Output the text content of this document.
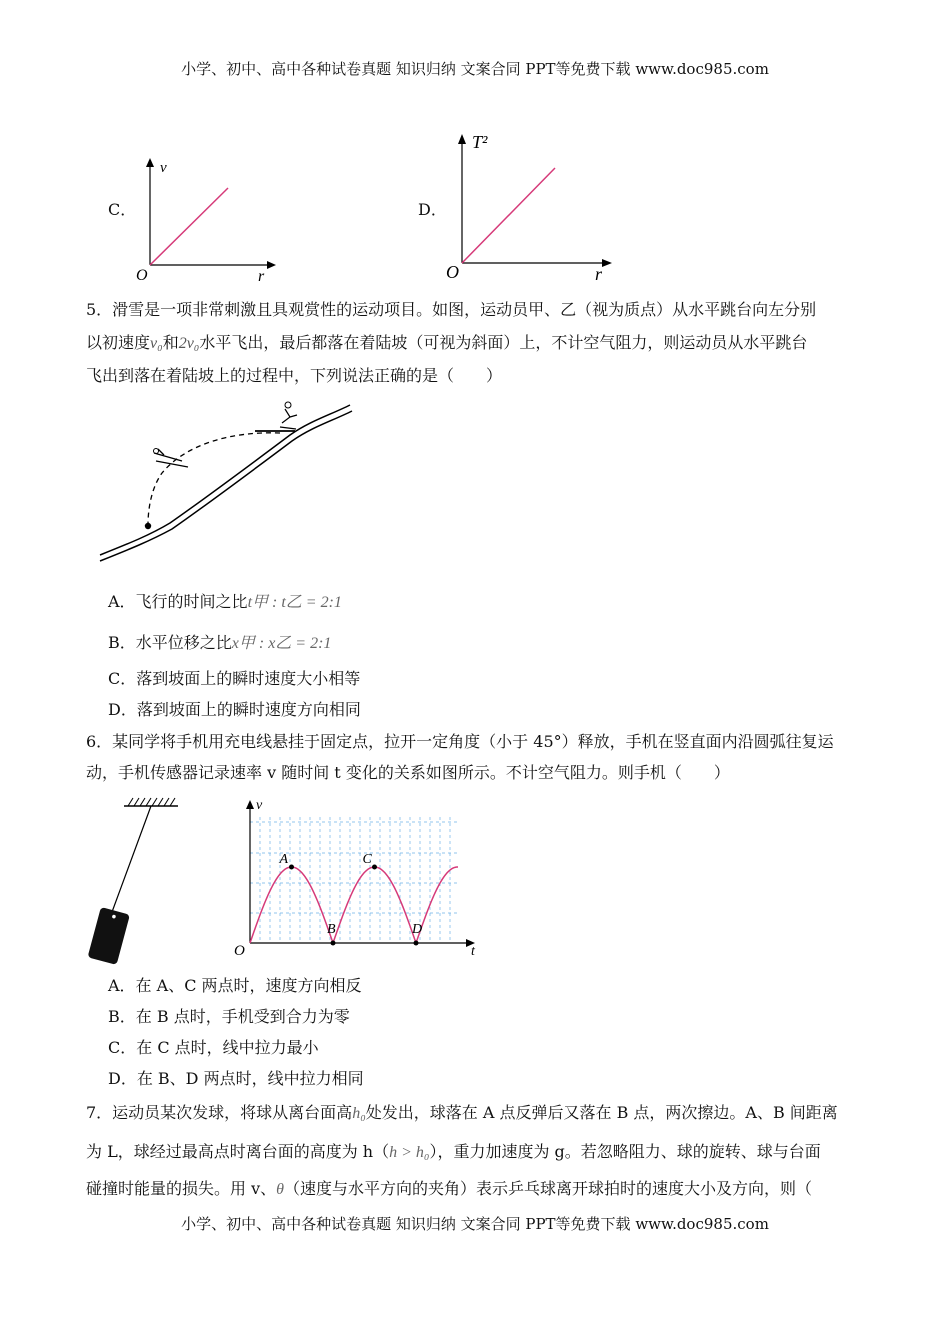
小学、初中、高中各种试卷真题 知识归纳 文案合同 PPT等免费下载 www.doc985.com
C．
v
O	r
D．
T²
O	r
5．滑雪是一项非常刺激且具观赏性的运动项目。如图，运动员甲、乙（视为质点）从水平跳台向左分别
以初速度v₀和2v₀水平飞出，最后都落在着陆坡（可视为斜面）上，不计空气阻力，则运动员从水平跳台
飞出到落在着陆坡上的过程中，下列说法正确的是（　　）
A．飞行的时间之比t甲 : t乙 = 2:1
B．水平位移之比x甲 : x乙 = 2:1
C．落到坡面上的瞬时速度大小相等
D．落到坡面上的瞬时速度方向相同
6．某同学将手机用充电线悬挂于固定点，拉开一定角度（小于 45°）释放，手机在竖直面内沿圆弧往复运
动，手机传感器记录速率 v 随时间 t 变化的关系如图所示。不计空气阻力。则手机（　　）
A
B
C
D
v
O	t
A．在 A、C 两点时，速度方向相反
B．在 B 点时，手机受到合力为零
C．在 C 点时，线中拉力最小
D．在 B、D 两点时，线中拉力相同
7．运动员某次发球，将球从离台面高h₀处发出，球落在 A 点反弹后又落在 B 点，两次擦边。A、B 间距离
为 L，球经过最高点时离台面的高度为 h（h > h₀），重力加速度为 g。若忽略阻力、球的旋转、球与台面
碰撞时能量的损失。用 v、θ（速度与水平方向的夹角）表示乒乓球离开球拍时的速度大小及方向，则（
小学、初中、高中各种试卷真题 知识归纳 文案合同 PPT等免费下载 www.doc985.com
